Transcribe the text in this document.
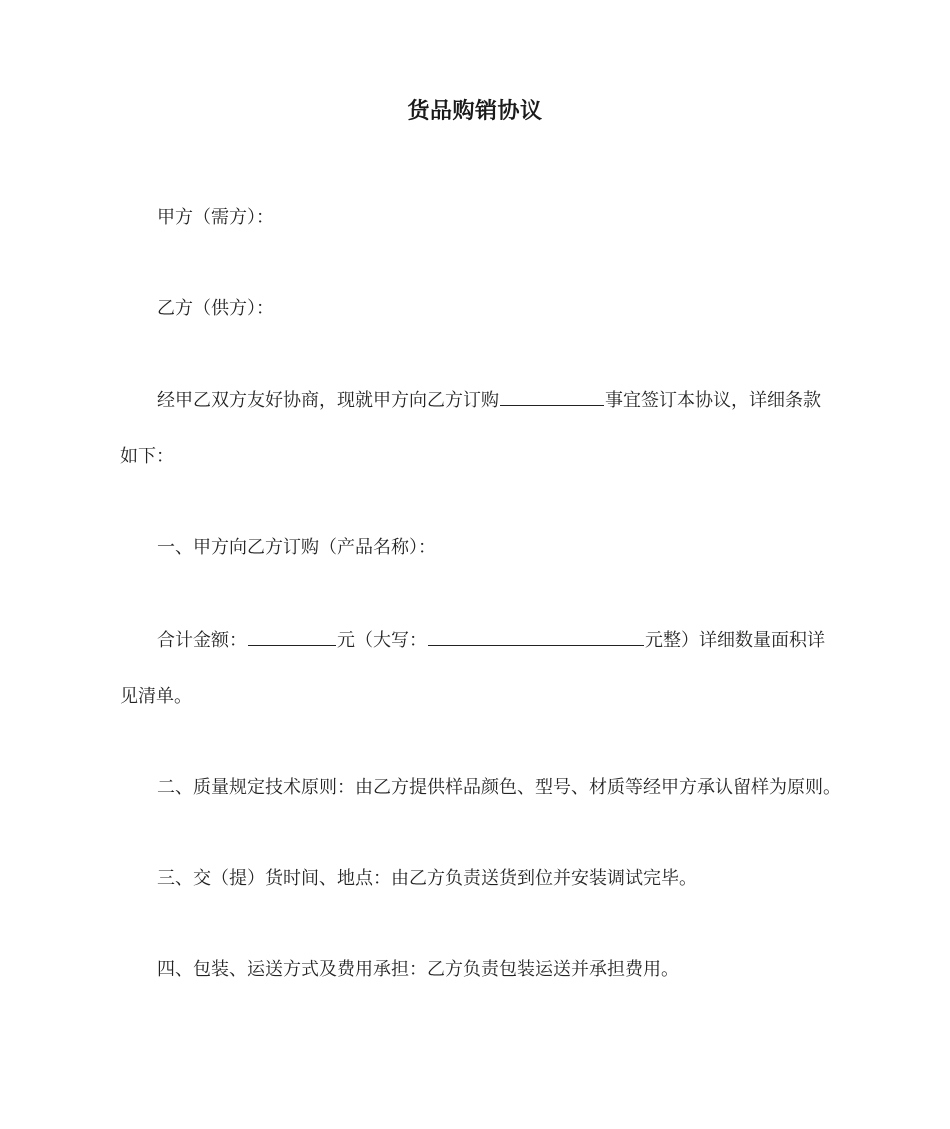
货品购销协议
甲方（需方）：
乙方（供方）：
经甲乙双方友好协商，现就甲方向乙方订购	事宜签订本协议，详细条款
如下：
一、甲方向乙方订购（产品名称）：
合计金额：	元（大写：	元整）详细数量面积详
见清单。
二、质量规定技术原则：由乙方提供样品颜色、型号、材质等经甲方承认留样为原则。
三、交（提）货时间、地点：由乙方负责送货到位并安装调试完毕。
四、包装、运送方式及费用承担：乙方负责包装运送并承担费用。
